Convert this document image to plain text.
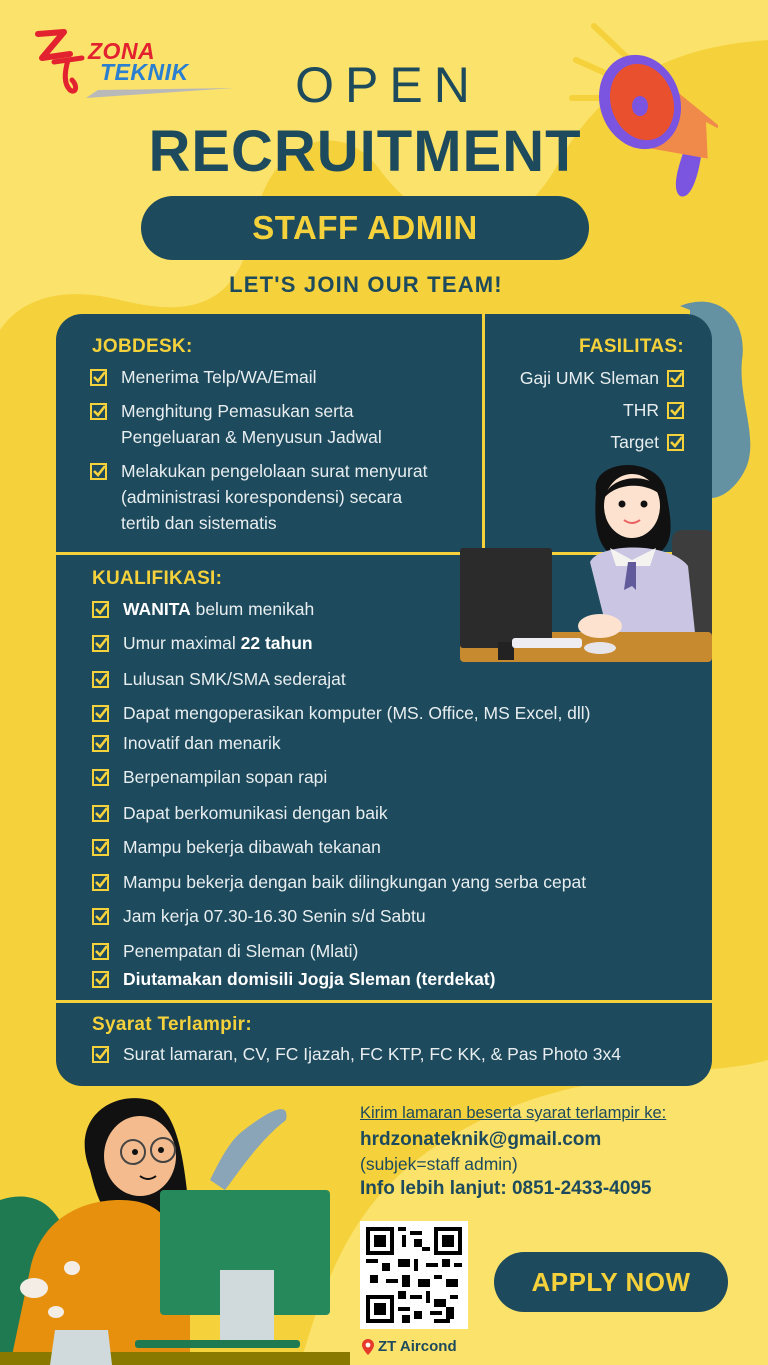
ZONA
TEKNIK	OPEN
RECRUITMENT
STAFF ADMIN
LET'S JOIN OUR TEAM!
JOBDESK:
Menerima Telp/WA/Email
Menghitung Pemasukan serta
Pengeluaran & Menyusun Jadwal
Melakukan pengelolaan surat menyurat
(administrasi korespondensi) secara
tertib dan sistematis
FASILITAS:
Gaji UMK Sleman
THR
Target
KUALIFIKASI:
WANITA belum menikah
Umur maximal 22 tahun
Lulusan SMK/SMA sederajat
Dapat mengoperasikan komputer (MS. Office, MS Excel, dll)
Inovatif dan menarik
Berpenampilan sopan rapi
Dapat berkomunikasi dengan baik
Mampu bekerja dibawah tekanan
Mampu bekerja dengan baik dilingkungan yang serba cepat
Jam kerja 07.30-16.30 Senin s/d Sabtu
Penempatan di Sleman (Mlati)
Diutamakan domisili Jogja Sleman (terdekat)
Syarat Terlampir:
Surat lamaran, CV, FC Ijazah, FC KTP, FC KK, & Pas Photo 3x4
Kirim lamaran beserta syarat terlampir ke:
hrdzonateknik@gmail.com
(subjek=staff admin)
Info lebih lanjut: 0851-2433-4095
ZT Aircond
APPLY NOW
